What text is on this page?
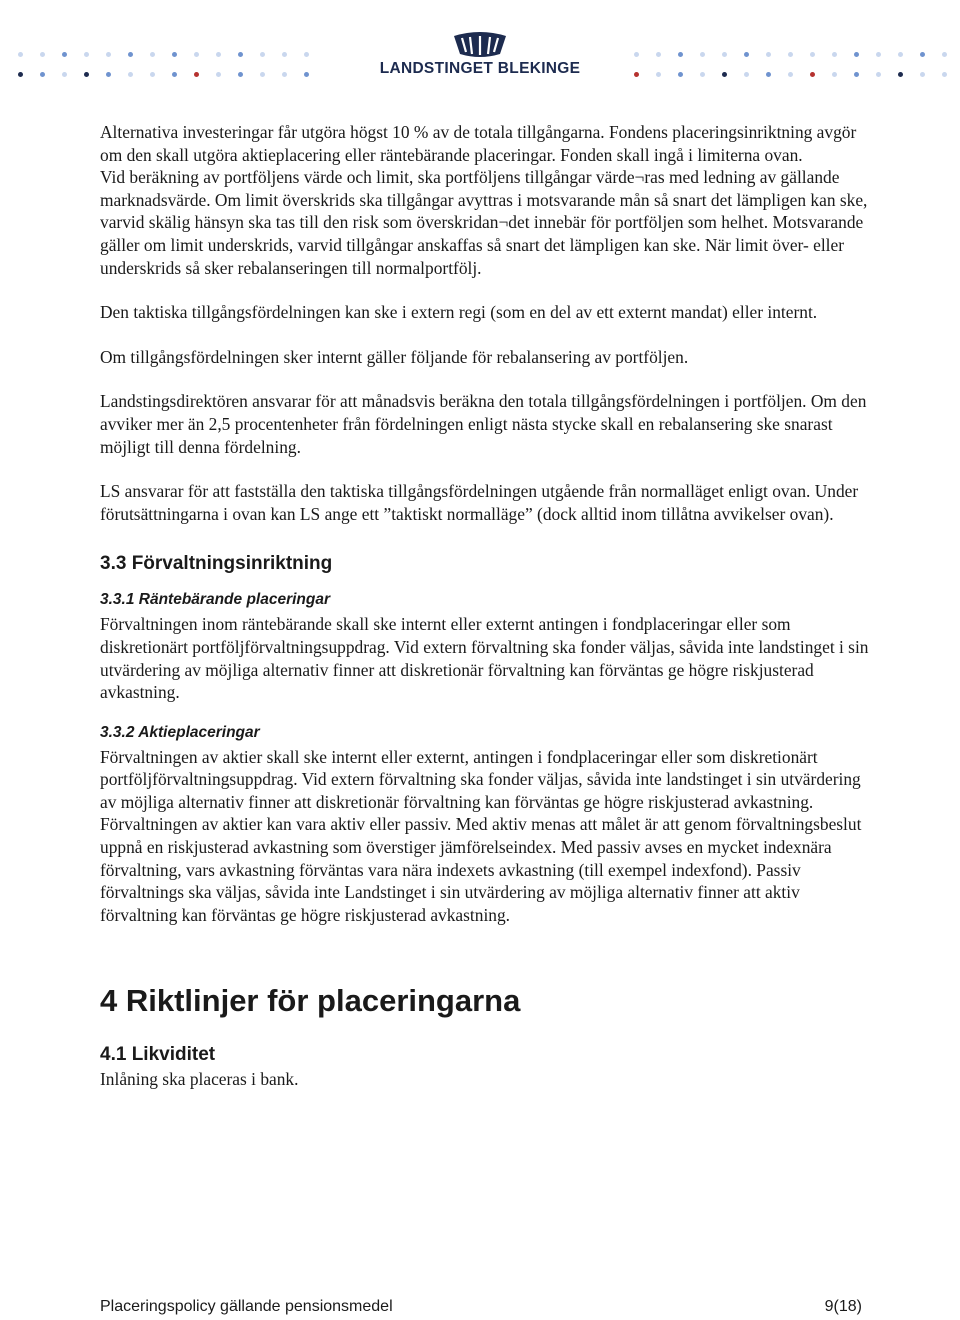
LANDSTINGET BLEKINGE

Alternativa investeringar får utgöra högst 10 % av de totala tillgångarna. Fondens placeringsinriktning avgör om den skall utgöra aktieplacering eller räntebärande placeringar. Fonden skall ingå i limiterna ovan.

Vid beräkning av portföljens värde och limit, ska portföljens tillgångar värde¬ras med ledning av gällande marknadsvärde. Om limit överskrids ska tillgångar avyttras i motsvarande mån så snart det lämpligen kan ske, varvid skälig hänsyn ska tas till den risk som överskridan¬det innebär för portföljen som helhet. Motsvarande gäller om limit underskrids, varvid tillgångar anskaffas så snart det lämpligen kan ske. När limit över- eller underskrids så sker rebalanseringen till normalportfölj.

Den taktiska tillgångsfördelningen kan ske i extern regi (som en del av ett externt mandat) eller internt.

Om tillgångsfördelningen sker internt gäller följande för rebalansering av portföljen.

Landstingsdirektören ansvarar för att månadsvis beräkna den totala tillgångsfördelningen i portföljen. Om den avviker mer än 2,5 procentenheter från fördelningen enligt nästa stycke skall en rebalansering ske snarast möjligt till denna fördelning.

LS ansvarar för att fastställa den taktiska tillgångsfördelningen utgående från normalläget enligt ovan. Under förutsättningarna i ovan kan LS ange ett ”taktiskt normalläge” (dock alltid inom tillåtna avvikelser ovan).

3.3 Förvaltningsinriktning
3.3.1 Räntebärande placeringar

Förvaltningen inom räntebärande skall ske internt eller externt antingen i fondplaceringar eller som diskretionärt portföljförvaltningsuppdrag. Vid extern förvaltning ska fonder väljas, såvida inte landstinget i sin utvärdering av möjliga alternativ finner att diskretionär förvaltning kan förväntas ge högre riskjusterad avkastning.

3.3.2 Aktieplaceringar

Förvaltningen av aktier skall ske internt eller externt, antingen i fondplaceringar eller som diskretionärt portföljförvaltningsuppdrag. Vid extern förvaltning ska fonder väljas, såvida inte landstinget i sin utvärdering av möjliga alternativ finner att diskretionär förvaltning kan förväntas ge högre riskjusterad avkastning.

Förvaltningen av aktier kan vara aktiv eller passiv. Med aktiv menas att målet är att genom förvaltningsbeslut uppnå en riskjusterad avkastning som överstiger jämförelseindex. Med passiv avses en mycket indexnära förvaltning, vars avkastning förväntas vara nära indexets avkastning (till exempel indexfond). Passiv förvaltnings ska väljas, såvida inte Landstinget i sin utvärdering av möjliga alternativ finner att aktiv förvaltning kan förväntas ge högre riskjusterad avkastning.

4 Riktlinjer för placeringarna
4.1 Likviditet

Inlåning ska placeras i bank.

Placeringspolicy gällande pensionsmedel	9(18)
